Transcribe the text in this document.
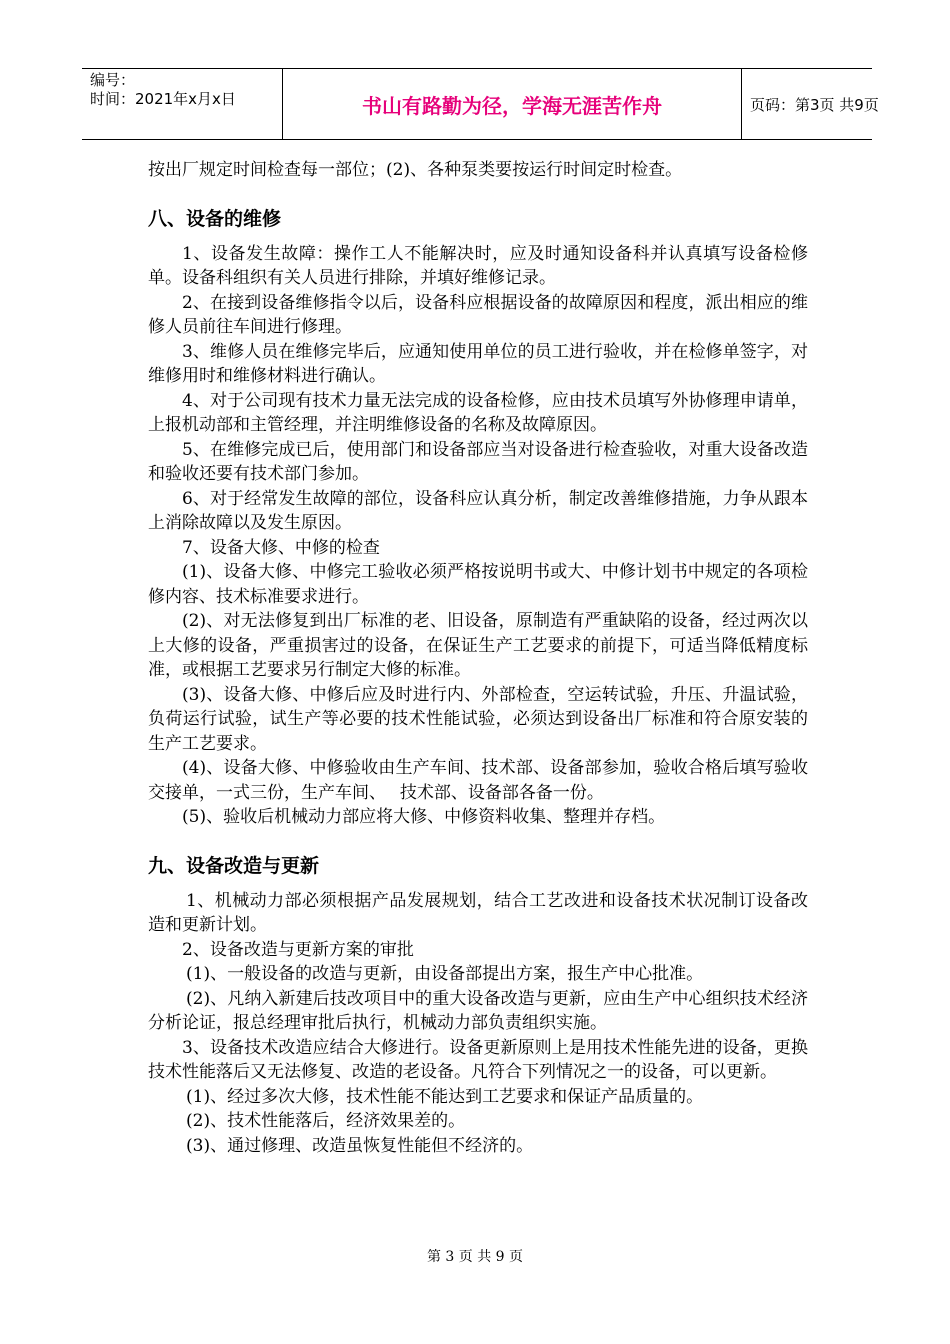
编号：
时间：2021年x月x日	书山有路勤为径，学海无涯苦作舟	页码：第3页 共9页

按出厂规定时间检查每一部位；(2)、各种泵类要按运行时间定时检查。

八、设备的维修

1、设备发生故障：操作工人不能解决时，应及时通知设备科并认真填写设备检修单。设备科组织有关人员进行排除，并填好维修记录。

2、在接到设备维修指令以后，设备科应根据设备的故障原因和程度，派出相应的维修人员前往车间进行修理。

3、维修人员在维修完毕后，应通知使用单位的员工进行验收，并在检修单签字，对维修用时和维修材料进行确认。

4、对于公司现有技术力量无法完成的设备检修，应由技术员填写外协修理申请单，上报机动部和主管经理，并注明维修设备的名称及故障原因。

5、在维修完成已后，使用部门和设备部应当对设备进行检查验收，对重大设备改造和验收还要有技术部门参加。

6、对于经常发生故障的部位，设备科应认真分析，制定改善维修措施，力争从跟本上消除故障以及发生原因。

7、设备大修、中修的检查

(1)、设备大修、中修完工验收必须严格按说明书或大、中修计划书中规定的各项检修内容、技术标准要求进行。

(2)、对无法修复到出厂标准的老、旧设备，原制造有严重缺陷的设备，经过两次以上大修的设备，严重损害过的设备，在保证生产工艺要求的前提下，可适当降低精度标准，或根据工艺要求另行制定大修的标准。

(3)、设备大修、中修后应及时进行内、外部检查，空运转试验，升压、升温试验，负荷运行试验，试生产等必要的技术性能试验，必须达到设备出厂标准和符合原安装的生产工艺要求。

(4)、设备大修、中修验收由生产车间、技术部、设备部参加，验收合格后填写验收交接单，一式三份，生产车间、　 技术部、设备部各备一份。

(5)、验收后机械动力部应将大修、中修资料收集、整理并存档。

九、设备改造与更新

1、机械动力部必须根据产品发展规划，结合工艺改进和设备技术状况制订设备改造和更新计划。

2、设备改造与更新方案的审批

(1)、一般设备的改造与更新，由设备部提出方案，报生产中心批准。

(2)、凡纳入新建后技改项目中的重大设备改造与更新，应由生产中心组织技术经济分析论证，报总经理审批后执行，机械动力部负责组织实施。

3、设备技术改造应结合大修进行。设备更新原则上是用技术性能先进的设备，更换技术性能落后又无法修复、改造的老设备。凡符合下列情况之一的设备，可以更新。

(1)、经过多次大修，技术性能不能达到工艺要求和保证产品质量的。

(2)、技术性能落后，经济效果差的。

(3)、通过修理、改造虽恢复性能但不经济的。

第 3 页 共 9 页
